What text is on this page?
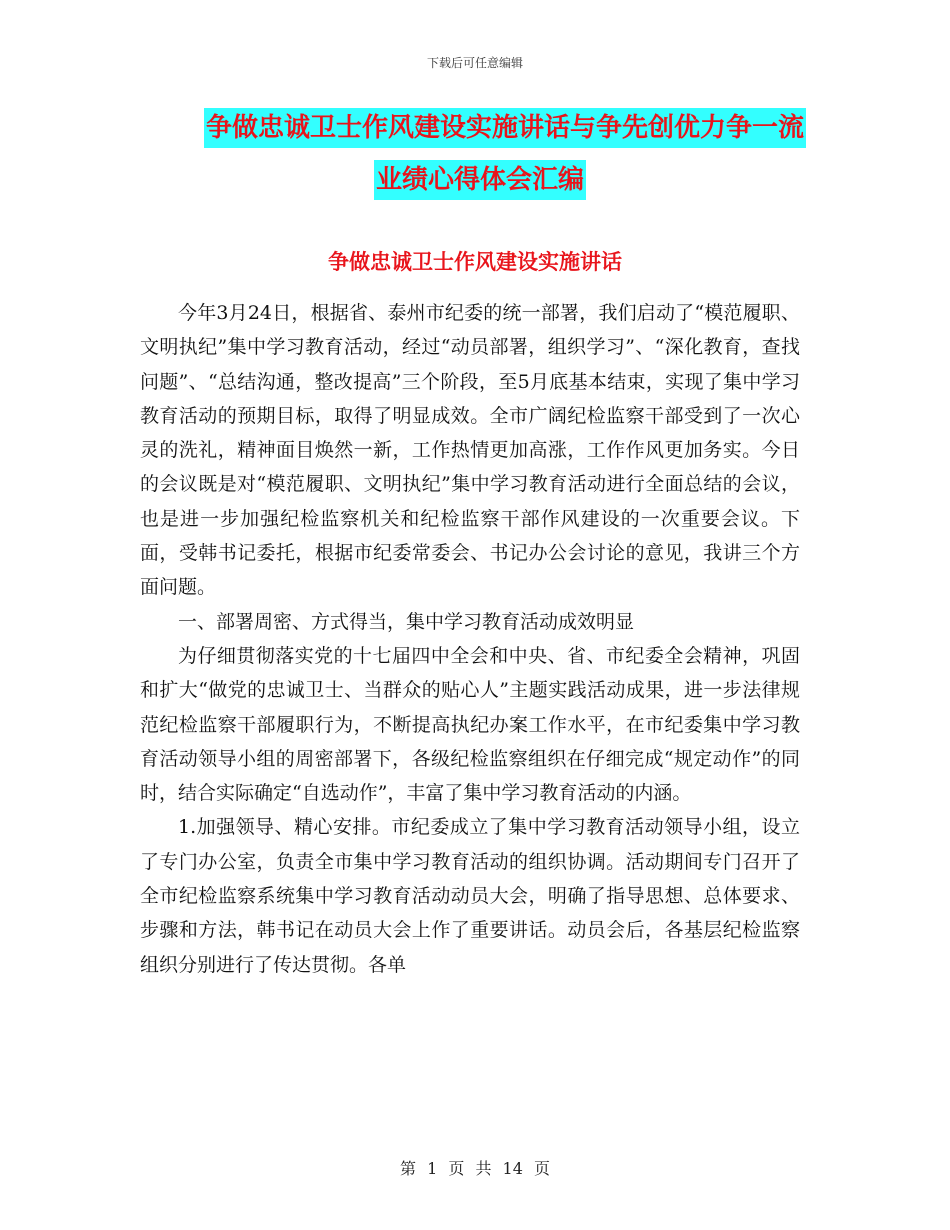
下载后可任意编辑
争做忠诚卫士作风建设实施讲话与争先创优力争一流
业绩心得体会汇编
争做忠诚卫士作风建设实施讲话

今年3月24日，根据省、泰州市纪委的统一部署，我们启动了“模范履职、文明执纪”集中学习教育活动，经过“动员部署，组织学习”、“深化教育，查找问题”、“总结沟通，整改提高”三个阶段，至5月底基本结束，实现了集中学习教育活动的预期目标，取得了明显成效。全市广阔纪检监察干部受到了一次心灵的洗礼，精神面目焕然一新，工作热情更加高涨，工作作风更加务实。今日的会议既是对“模范履职、文明执纪”集中学习教育活动进行全面总结的会议，也是进一步加强纪检监察机关和纪检监察干部作风建设的一次重要会议。下面，受韩书记委托，根据市纪委常委会、书记办公会讨论的意见，我讲三个方面问题。

一、部署周密、方式得当，集中学习教育活动成效明显

为仔细贯彻落实党的十七届四中全会和中央、省、市纪委全会精神，巩固和扩大“做党的忠诚卫士、当群众的贴心人”主题实践活动成果，进一步法律规范纪检监察干部履职行为，不断提高执纪办案工作水平，在市纪委集中学习教育活动领导小组的周密部署下，各级纪检监察组织在仔细完成“规定动作”的同时，结合实际确定“自选动作”，丰富了集中学习教育活动的内涵。

1.加强领导、精心安排。市纪委成立了集中学习教育活动领导小组，设立了专门办公室，负责全市集中学习教育活动的组织协调。活动期间专门召开了全市纪检监察系统集中学习教育活动动员大会，明确了指导思想、总体要求、步骤和方法，韩书记在动员大会上作了重要讲话。动员会后，各基层纪检监察组织分别进行了传达贯彻。各单

第 1 页 共 14 页
